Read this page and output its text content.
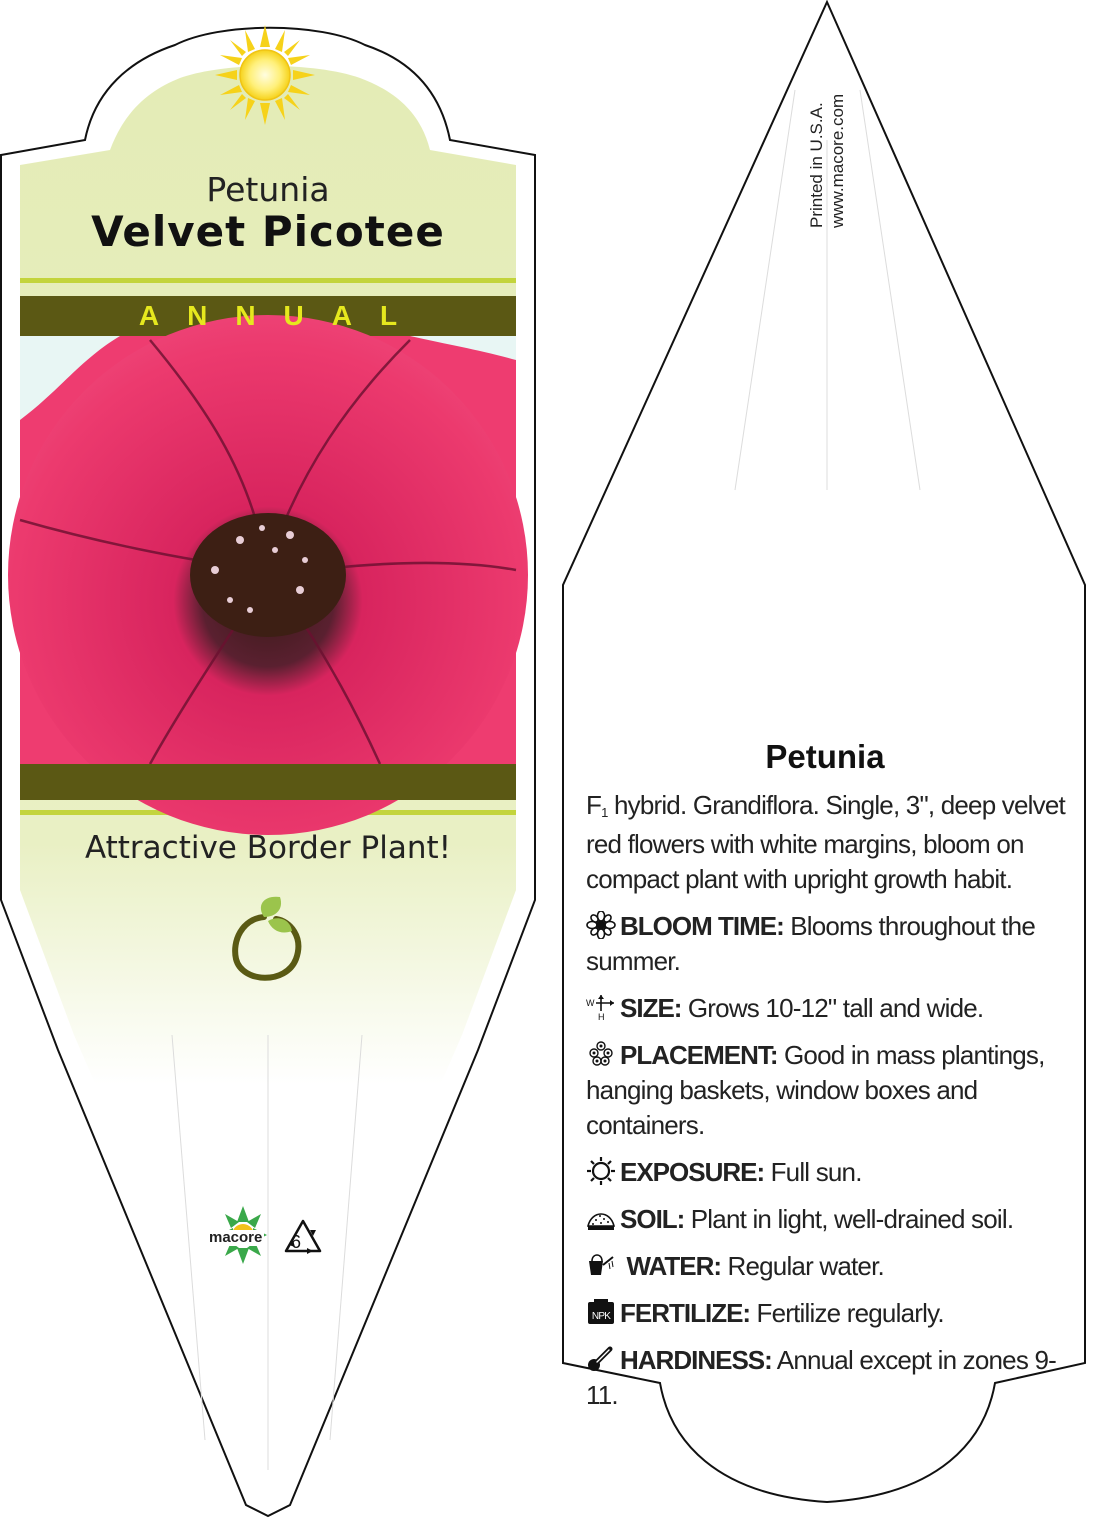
Petunia
Velvet Picotee
ANNUAL
Attractive Border Plant!
macore 6
Printed in U.S.A. www.macore.com
Petunia
F1 hybrid. Grandiflora. Single, 3", deep velvet red flowers with white margins, bloom on compact plant with upright growth habit.
BLOOM TIME: Blooms throughout the summer.
W
H SIZE: Grows 10-12" tall and wide.
PLACEMENT: Good in mass plantings, hanging baskets, window boxes and containers.
EXPOSURE: Full sun.
SOIL: Plant in light, well-drained soil.
WATER: Regular water.
NPK FERTILIZE: Fertilize regularly.
HARDINESS: Annual except in zones 9-11.
